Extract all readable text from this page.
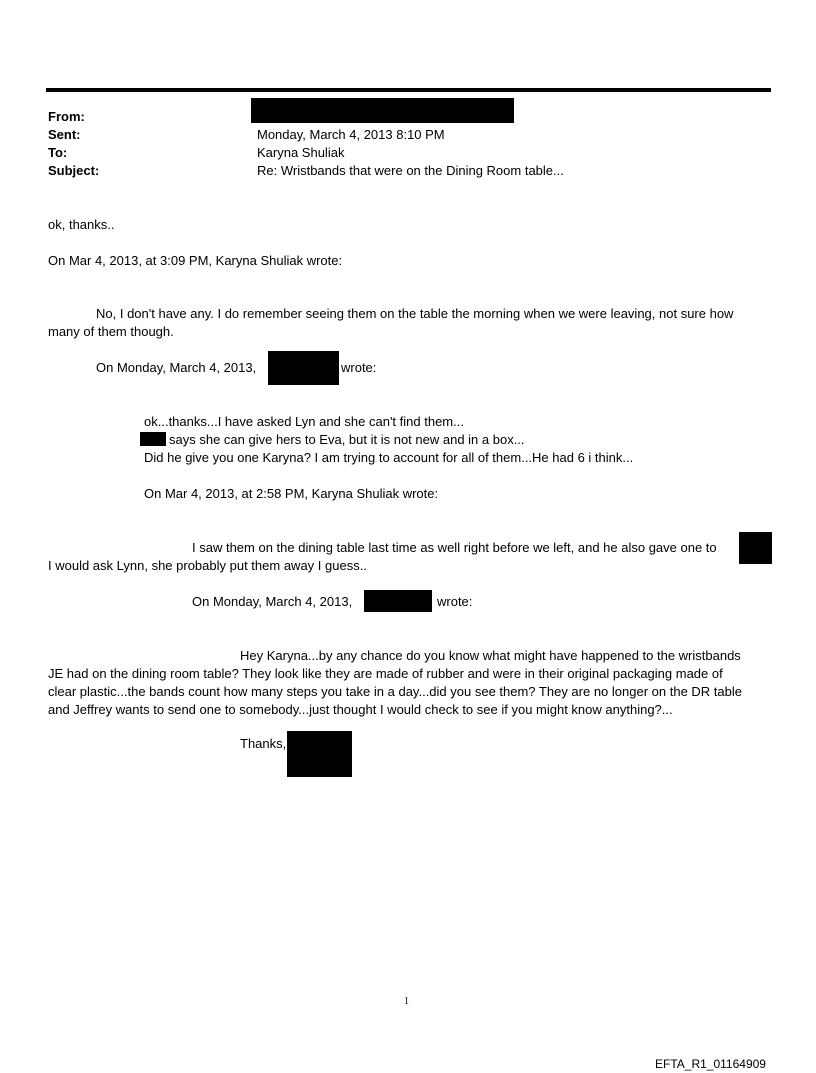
From:
Sent:	Monday, March 4, 2013 8:10 PM
To:	Karyna Shuliak
Subject:	Re: Wristbands that were on the Dining Room table...
ok, thanks..
On Mar 4, 2013, at 3:09 PM, Karyna Shuliak wrote:
No, I don't have any. I do remember seeing them on the table the morning when we were leaving, not sure how
many of them though.
On Monday, March 4, 2013,	wrote:
ok...thanks...I have asked Lyn and she can't find them...
says she can give hers to Eva, but it is not new and in a box...
Did he give you one Karyna? I am trying to account for all of them...He had 6 i think...
On Mar 4, 2013, at 2:58 PM, Karyna Shuliak wrote:
I saw them on the dining table last time as well right before we left, and he also gave one to
I would ask Lynn, she probably put them away I guess..
On Monday, March 4, 2013,	wrote:
Hey Karyna...by any chance do you know what might have happened to the wristbands
JE had on the dining room table? They look like they are made of rubber and were in their original packaging made of
clear plastic...the bands count how many steps you take in a day...did you see them? They are no longer on the DR table
and Jeffrey wants to send one to somebody...just thought I would check to see if you might know anything?...
Thanks,
1
EFTA_R1_01164909
